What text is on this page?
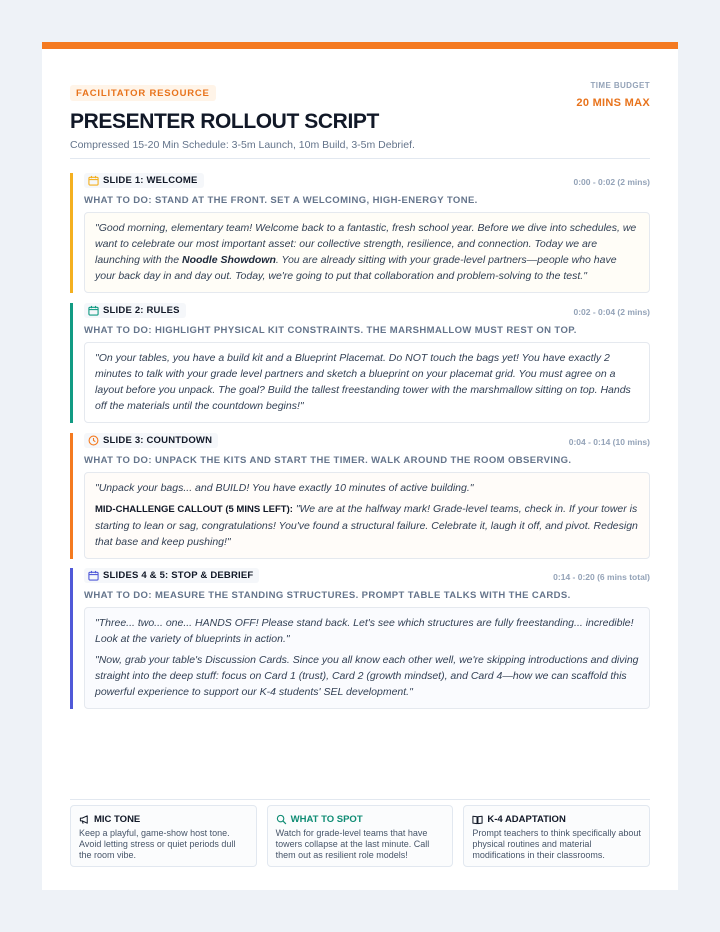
FACILITATOR RESOURCE
PRESENTER ROLLOUT SCRIPT
Compressed 15-20 Min Schedule: 3-5m Launch, 10m Build, 3-5m Debrief.
TIME BUDGET
20 MINS MAX
SLIDE 1: WELCOME	0:00 - 0:02 (2 mins)
WHAT TO DO: STAND AT THE FRONT. SET A WELCOMING, HIGH-ENERGY TONE.

"Good morning, elementary team! Welcome back to a fantastic, fresh school year. Before we dive into schedules, we want to celebrate our most important asset: our collective strength, resilience, and connection. Today we are launching with the Noodle Showdown. You are already sitting with your grade-level partners—people who have your back day in and day out. Today, we're going to put that collaboration and problem-solving to the test."

SLIDE 2: RULES	0:02 - 0:04 (2 mins)
WHAT TO DO: HIGHLIGHT PHYSICAL KIT CONSTRAINTS. THE MARSHMALLOW MUST REST ON TOP.

"On your tables, you have a build kit and a Blueprint Placemat. Do NOT touch the bags yet! You have exactly 2 minutes to talk with your grade level partners and sketch a blueprint on your placemat grid. You must agree on a layout before you unpack. The goal? Build the tallest freestanding tower with the marshmallow sitting on top. Hands off the materials until the countdown begins!"

SLIDE 3: COUNTDOWN	0:04 - 0:14 (10 mins)
WHAT TO DO: UNPACK THE KITS AND START THE TIMER. WALK AROUND THE ROOM OBSERVING.

"Unpack your bags... and BUILD! You have exactly 10 minutes of active building."

MID-CHALLENGE CALLOUT (5 MINS LEFT): "We are at the halfway mark! Grade-level teams, check in. If your tower is starting to lean or sag, congratulations! You've found a structural failure. Celebrate it, laugh it off, and pivot. Redesign that base and keep pushing!"

SLIDES 4 & 5: STOP & DEBRIEF	0:14 - 0:20 (6 mins total)
WHAT TO DO: MEASURE THE STANDING STRUCTURES. PROMPT TABLE TALKS WITH THE CARDS.

"Three... two... one... HANDS OFF! Please stand back. Let's see which structures are fully freestanding... incredible! Look at the variety of blueprints in action."

"Now, grab your table's Discussion Cards. Since you all know each other well, we're skipping introductions and diving straight into the deep stuff: focus on Card 1 (trust), Card 2 (growth mindset), and Card 4—how we can scaffold this powerful experience to support our K-4 students' SEL development."

MIC TONE
Keep a playful, game-show host tone. Avoid letting stress or quiet periods dull the room vibe.
WHAT TO SPOT
Watch for grade-level teams that have towers collapse at the last minute. Call them out as resilient role models!
K-4 ADAPTATION
Prompt teachers to think specifically about physical routines and material modifications in their classrooms.
